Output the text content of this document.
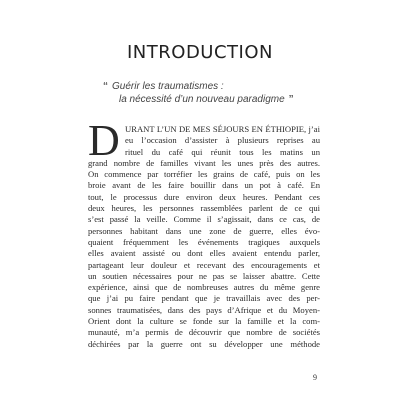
INTRODUCTION
“ Guérir les traumatismes :
la nécessité d’un nouveau paradigme ”
D URANT L’UN DE MES SÉJOURS EN ÉTHIOPIE, j’ai
eu l’occasion d’assister à plusieurs reprises au
rituel du café qui réunit tous les matins un
grand nombre de familles vivant les unes près des autres.
On commence par torréfier les grains de café, puis on les
broie avant de les faire bouillir dans un pot à café. En
tout, le processus dure environ deux heures. Pendant ces
deux heures, les personnes rassemblées parlent de ce qui
s’est passé la veille. Comme il s’agissait, dans ce cas, de
personnes habitant dans une zone de guerre, elles évo-
quaient fréquemment les événements tragiques auxquels
elles avaient assisté ou dont elles avaient entendu parler,
partageant leur douleur et recevant des encouragements et
un soutien nécessaires pour ne pas se laisser abattre. Cette
expérience, ainsi que de nombreuses autres du même genre
que j’ai pu faire pendant que je travaillais avec des per-
sonnes traumatisées, dans des pays d’Afrique et du Moyen-
Orient dont la culture se fonde sur la famille et la com-
munauté, m’a permis de découvrir que nombre de sociétés
déchirées par la guerre ont su développer une méthode
9
